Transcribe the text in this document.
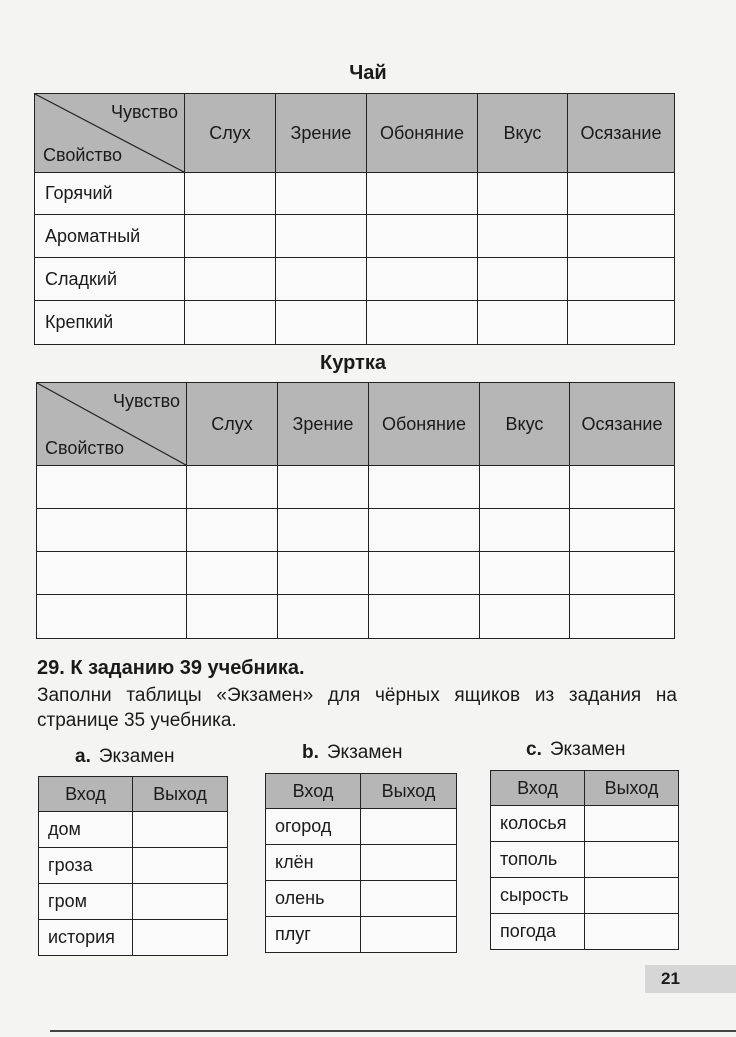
Чай
Чувство
Свойство	Слух	Зрение	Обоняние	Вкус	Осязание
Горячий					
Ароматный					
Сладкий					
Крепкий					
Куртка
Чувство
Свойство	Слух	Зрение	Обоняние	Вкус	Осязание

29. К заданию 39 учебника.
Заполни таблицы «Экзамен» для чёрных ящиков из задания на странице 35 учебника.
a. Экзамен
Вход	Выход
дом	
гроза	
гром	
история	
b. Экзамен
Вход	Выход
огород	
клён	
олень	
плуг	
c. Экзамен
Вход	Выход
колосья	
тополь	
сырость	
погода	
21
